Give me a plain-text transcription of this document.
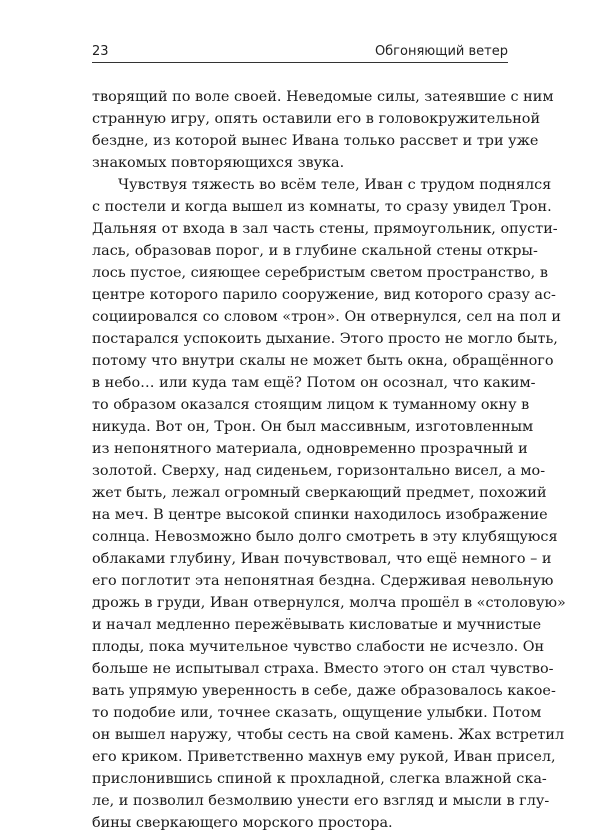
23	Обгоняющий ветер
творящий по воле своей. Неведомые силы, затеявшие с ним
странную игру, опять оставили его в головокружительной
бездне, из которой вынес Ивана только рассвет и три уже
знакомых повторяющихся звука.
Чувствуя тяжесть во всём теле, Иван с трудом поднялся
с постели и когда вышел из комнаты, то сразу увидел Трон.
Дальняя от входа в зал часть стены, прямоугольник, опусти-
лась, образовав порог, и в глубине скальной стены откры-
лось пустое, сияющее серебристым светом пространство, в
центре которого парило сооружение, вид которого сразу ас-
социировался со словом «трон». Он отвернулся, сел на пол и
постарался успокоить дыхание. Этого просто не могло быть,
потому что внутри скалы не может быть окна, обращённого
в небо… или куда там ещё? Потом он осознал, что каким-
то образом оказался стоящим лицом к туманному окну в
никуда. Вот он, Трон. Он был массивным, изготовленным
из непонятного материала, одновременно прозрачный и
золотой. Сверху, над сиденьем, горизонтально висел, а мо-
жет быть, лежал огромный сверкающий предмет, похожий
на меч. В центре высокой спинки находилось изображение
солнца. Невозможно было долго смотреть в эту клубящуюся
облаками глубину, Иван почувствовал, что ещё немного – и
его поглотит эта непонятная бездна. Сдерживая невольную
дрожь в груди, Иван отвернулся, молча прошёл в «столовую»
и начал медленно пережёвывать кисловатые и мучнистые
плоды, пока мучительное чувство слабости не исчезло. Он
больше не испытывал страха. Вместо этого он стал чувство-
вать упрямую уверенность в себе, даже образовалось какое-
то подобие или, точнее сказать, ощущение улыбки. Потом
он вышел наружу, чтобы сесть на свой камень. Жах встретил
его криком. Приветственно махнув ему рукой, Иван присел,
прислонившись спиной к прохладной, слегка влажной ска-
ле, и позволил безмолвию унести его взгляд и мысли в глу-
бины сверкающего морского простора.
